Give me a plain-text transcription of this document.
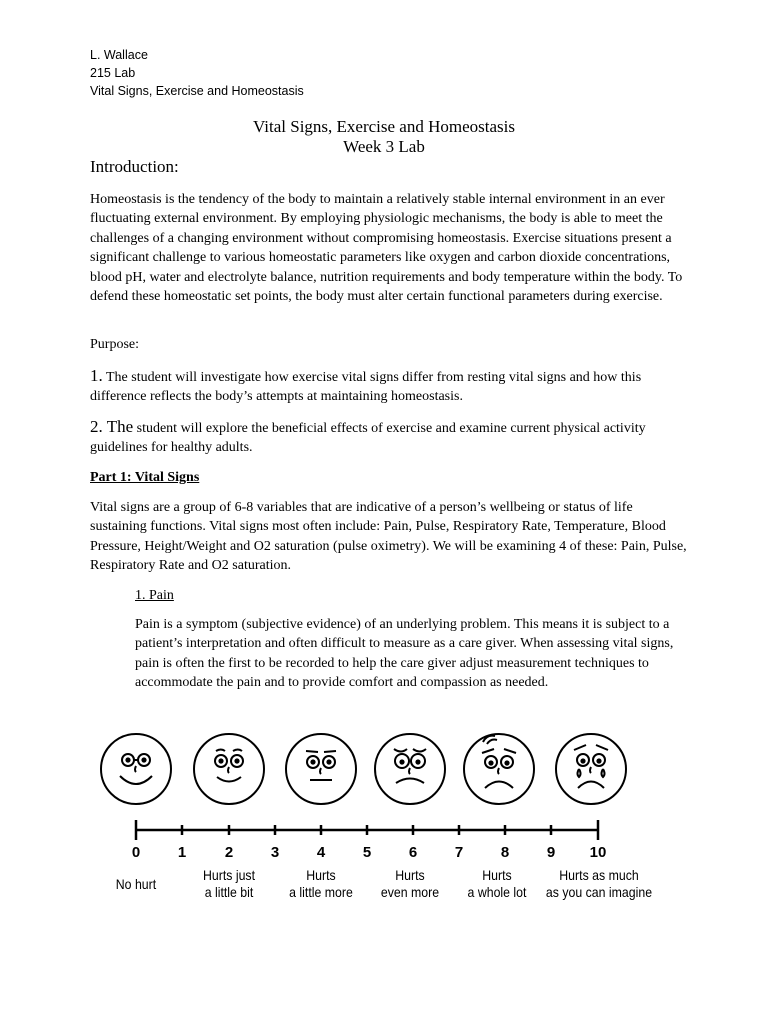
L. Wallace
215 Lab
Vital Signs, Exercise and Homeostasis
Vital Signs, Exercise and Homeostasis
Week 3 Lab
Introduction:
Homeostasis is the tendency of the body to maintain a relatively stable internal environment in an ever fluctuating external environment. By employing physiologic mechanisms, the body is able to meet the challenges of a changing environment without compromising homeostasis. Exercise situations present a significant challenge to various homeostatic parameters like oxygen and carbon dioxide concentrations, blood pH, water and electrolyte balance, nutrition requirements and body temperature within the body. To defend these homeostatic set points, the body must alter certain functional parameters during exercise.
Purpose:
1. The student will investigate how exercise vital signs differ from resting vital signs and how this difference reflects the body’s attempts at maintaining homeostasis.
2. The student will explore the beneficial effects of exercise and examine current physical activity guidelines for healthy adults.
Part 1: Vital Signs
Vital signs are a group of 6-8 variables that are indicative of a person’s wellbeing or status of life sustaining functions. Vital signs most often include: Pain, Pulse, Respiratory Rate, Temperature, Blood Pressure, Height/Weight and O2 saturation (pulse oximetry). We will be examining 4 of these: Pain, Pulse, Respiratory Rate and O2 saturation.
1. Pain
Pain is a symptom (subjective evidence) of an underlying problem. This means it is subject to a patient’s interpretation and often difficult to measure as a care giver. When assessing vital signs, pain is often the first to be recorded to help the care giver adjust measurement techniques to accommodate the pain and to provide comfort and compassion as needed.
0	1	2	3	4	5	6	7	8	9	10
No hurt
Hurts just
a little bit
Hurts
a little more
Hurts
even more
Hurts
a whole lot
Hurts as much
as you can imagine
